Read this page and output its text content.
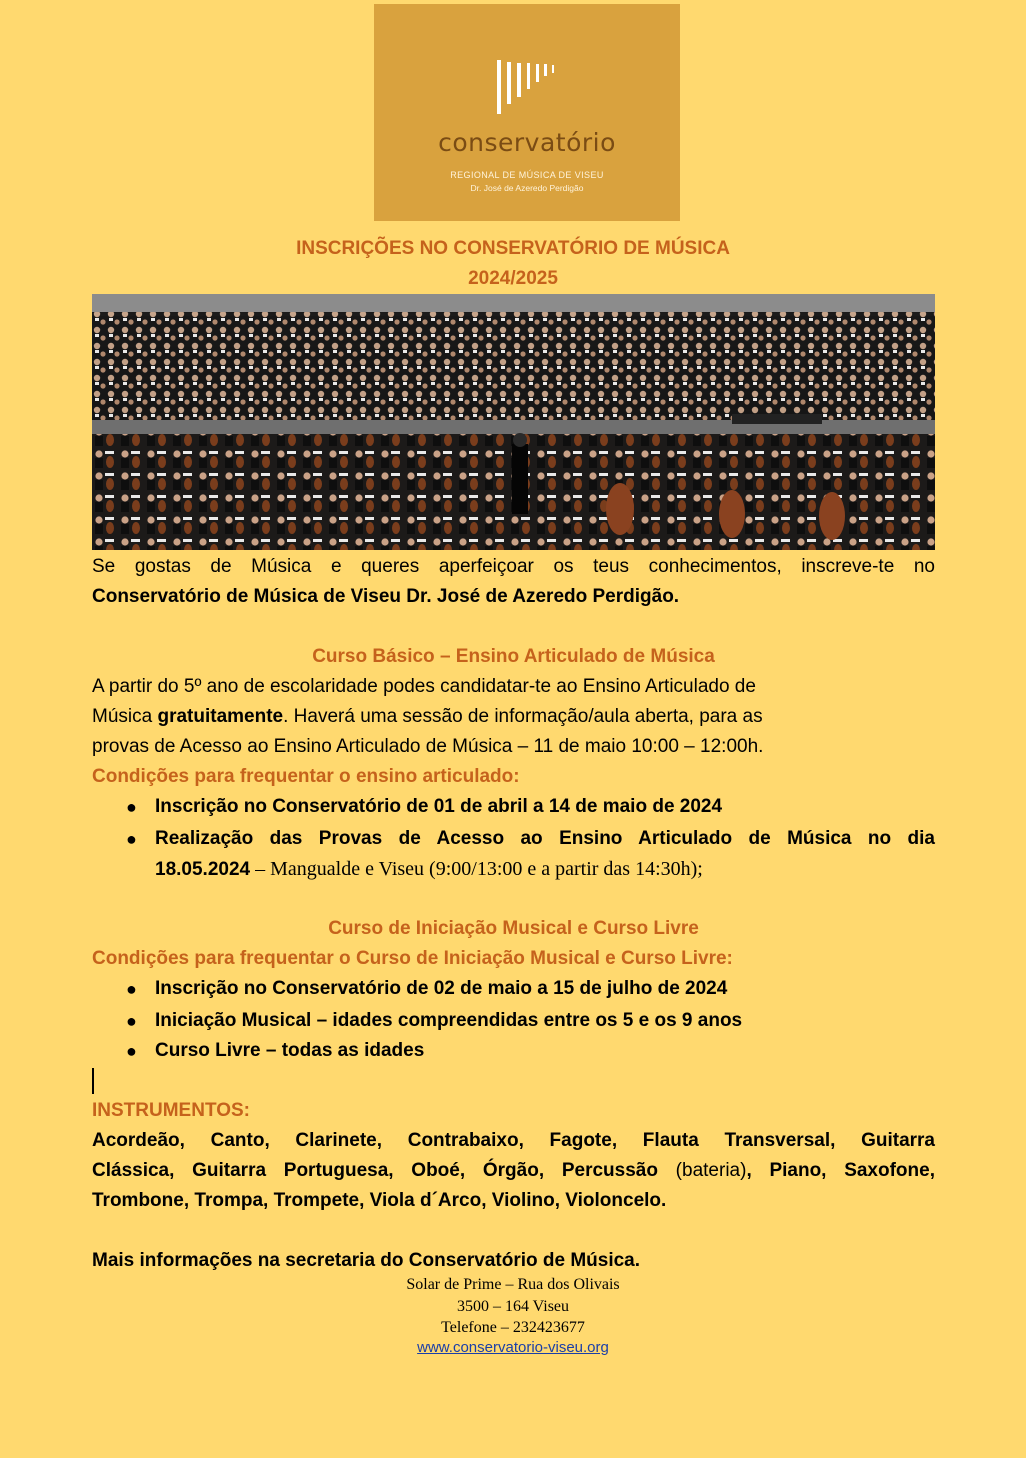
conservatório
REGIONAL DE MÚSICA DE VISEU
Dr. José de Azeredo Perdigão
INSCRIÇÕES NO CONSERVATÓRIO DE MÚSICA
2024/2025
Se gostas de Música e queres aperfeiçoar os teus conhecimentos, inscreve-te no
Conservatório de Música de Viseu Dr. José de Azeredo Perdigão.
Curso Básico – Ensino Articulado de Música
A partir do 5º ano de escolaridade podes candidatar-te ao Ensino Articulado de
Música gratuitamente. Haverá uma sessão de informação/aula aberta, para as
provas de Acesso ao Ensino Articulado de Música – 11 de maio 10:00 – 12:00h.
Condições para frequentar o ensino articulado:
● Inscrição no Conservatório de 01 de abril a 14 de maio de 2024
● Realização das Provas de Acesso ao Ensino Articulado de Música no dia
18.05.2024 – Mangualde e Viseu (9:00/13:00 e a partir das 14:30h);
Curso de Iniciação Musical e Curso Livre
Condições para frequentar o Curso de Iniciação Musical e Curso Livre:
● Inscrição no Conservatório de 02 de maio a 15 de julho de 2024
● Iniciação Musical – idades compreendidas entre os 5 e os 9 anos
● Curso Livre – todas as idades
INSTRUMENTOS:
Acordeão, Canto, Clarinete, Contrabaixo, Fagote, Flauta Transversal, Guitarra
Clássica, Guitarra Portuguesa, Oboé, Órgão, Percussão (bateria), Piano, Saxofone,
Trombone, Trompa, Trompete, Viola d´Arco, Violino, Violoncelo.
Mais informações na secretaria do Conservatório de Música.
Solar de Prime – Rua dos Olivais
3500 – 164 Viseu
Telefone – 232423677
www.conservatorio-viseu.org
